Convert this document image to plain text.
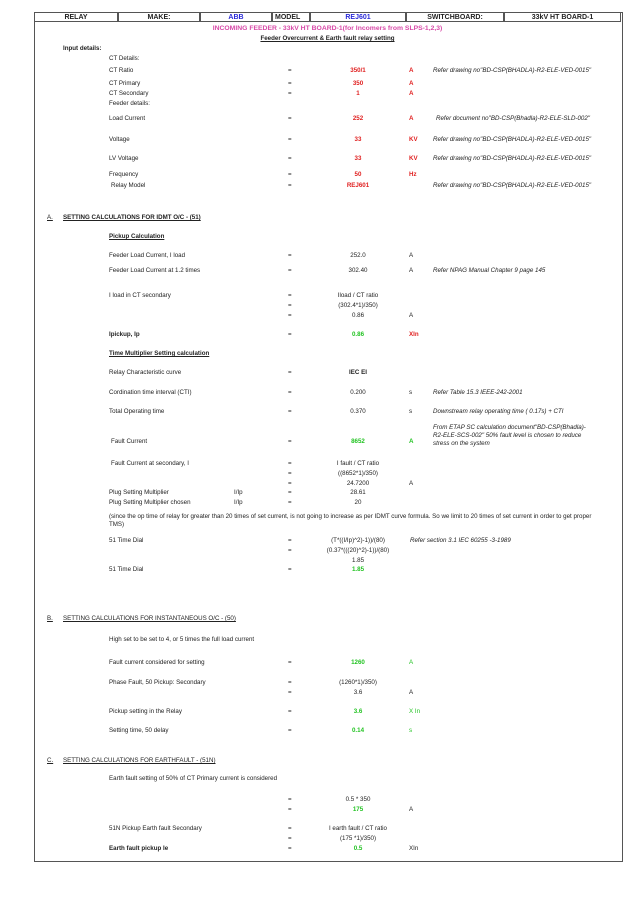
RELAY	MAKE:	ABB	MODEL	REJ601	SWITCHBOARD:	33kV HT BOARD-1
INCOMING FEEDER - 33kV HT BOARD-1(for Incomers from SLPS-1,2,3)
Feeder Overcurrent & Earth fault relay setting
Input details:
CT Details:
CT Ratio	=	350/1	A	Refer drawing no"BD-CSP(BHADLA)-R2-ELE-VED-0015"
CT Primary	=	350	A
CT Secondary	=	1	A
Feeder details:
Load Current	=	252	A	Refer document no"BD-CSP(Bhadla)-R2-ELE-SLD-002"
Voltage	=	33	KV Refer drawing no"BD-CSP(BHADLA)-R2-ELE-VED-0015"
LV Voltage	=	33	KV Refer drawing no"BD-CSP(BHADLA)-R2-ELE-VED-0015"
Frequency	=	50	Hz
Relay Model	=	REJ601	Refer drawing no"BD-CSP(BHADLA)-R2-ELE-VED-0015"
A. SETTING CALCULATIONS FOR IDMT O/C - (51)
Pickup Calculation
Feeder Load Current, I load	=	252.0	A
Feeder Load Current at 1.2 times	=	302.40	A	Refer NPAG Manual Chapter 9 page 145
I load in CT secondary	=	Iload / CT ratio
=	(302.4*1)/350)
=	0.86	A
Ipickup, Ip	=	0.86	XIn
Time Multiplier Setting calculation
Relay Characteristic curve	=	IEC EI
Cordination time interval (CTI)	=	0.200	s	Refer Table 15.3 IEEE-242-2001
Total Operating time	=	0.370	s	Downstream relay operating time ( 0.17s) + CTI
Fault Current	=	8652	A
From ETAP SC calculation document"BD-CSP(Bhadla)-R2-ELE-SCS-002" 50% fault level is chosen to reduce stress on the system
Fault Current at secondary, I	=	I fault / CT ratio
=	((8652*1)/350)
=	24.7200	A
Plug Setting Multiplier	I/Ip	=	28.61
Plug Setting Multiplier chosen	I/Ip	=	20
(since the op time of relay for greater than 20 times of set current, is not going to increase as per IDMT curve formula. So we limit to 20 times of set current in order to get proper TMS)
51 Time Dial	=	(T*((I/Ip)^2)-1))/(80)	Refer section 3.1 IEC 60255 -3-1989
=	(0.37*(((20)^2)-1))/(80)
1.85
51 Time Dial	=	1.85
B. SETTING CALCULATIONS FOR INSTANTANEOUS O/C - (50)
High set to be set to 4, or 5 times the full load current
Fault current considered for setting	=	1260	A
Phase Fault, 50 Pickup: Secondary	=	(1260*1)/350)
=	3.6	A
Pickup setting in the Relay	=	3.6	X In
Setting time, 50 delay	=	0.14	s
C. SETTING CALCULATIONS FOR EARTHFAULT - (51N)
Earth fault setting of 50% of CT Primary current is considered
=	0.5 * 350
=	175	A
51N Pickup Earth fault Secondary	=	I earth fault / CT ratio
=	(175 *1)/350)
Earth fault pickup Ie	=	0.5	XIn
